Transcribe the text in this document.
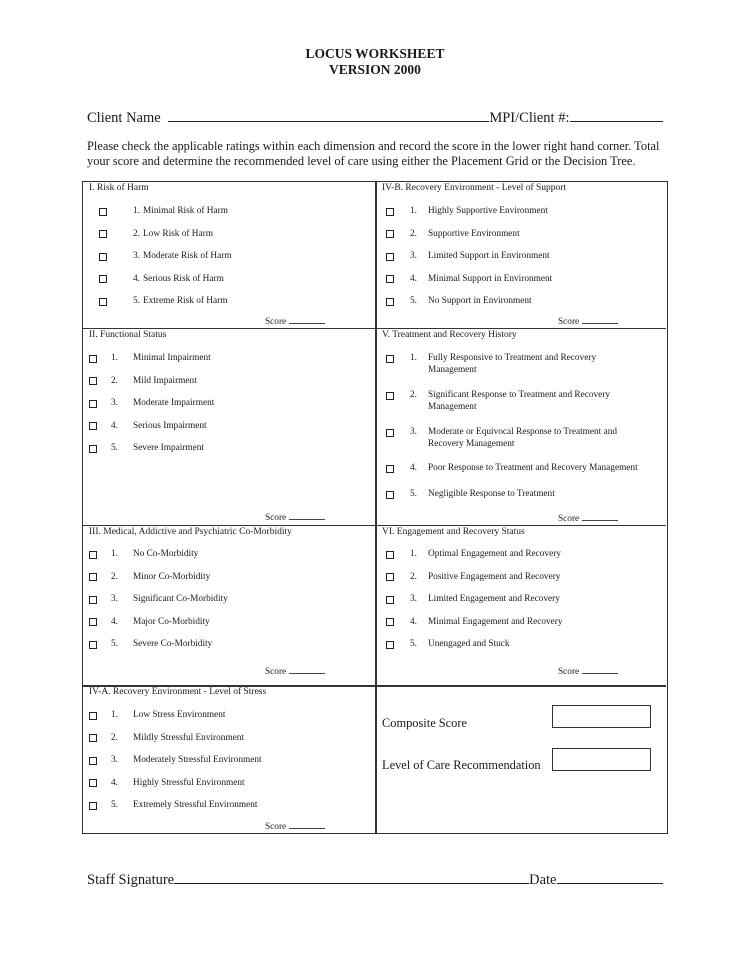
LOCUS WORKSHEET
VERSION 2000
Client Name	MPI/Client #:
Please check the applicable ratings within each dimension and record the score in the lower right hand corner. Total your score and determine the recommended level of care using either the Placement Grid or the Decision Tree.
I. Risk of Harm
1. Minimal Risk of Harm
2. Low Risk of Harm
3. Moderate Risk of Harm
4. Serious Risk of Harm
5. Extreme Risk of Harm
Score
IV-B. Recovery Environment - Level of Support
1.	Highly Supportive Environment
2.	Supportive Environment
3.	Limited Support in Environment
4.	Minimal Support in Environment
5.	No Support in Environment
Score
II. Functional Status
1.	Minimal Impairment
2.	Mild Impairment
3.	Moderate Impairment
4.	Serious Impairment
5.	Severe Impairment
Score
V. Treatment and Recovery History
1.	Fully Responsive to Treatment and Recovery
Management
2.	Significant Response to Treatment and Recovery
Management
3.	Moderate or Equivocal Response to Treatment and
Recovery Management
4.	Poor Response to Treatment and Recovery Management
5.	Negligible Response to Treatment
Score
III. Medical, Addictive and Psychiatric Co-Morbidity
1.	No Co-Morbidity
2.	Minor Co-Morbidity
3.	Significant Co-Morbidity
4.	Major Co-Morbidity
5.	Severe Co-Morbidity
Score
VI. Engagement and Recovery Status
1.	Optimal Engagement and Recovery
2.	Positive Engagement and Recovery
3.	Limited Engagement and Recovery
4.	Minimal Engagement and Recovery
5.	Unengaged and Stuck
Score
IV-A. Recovery Environment - Level of Stress
1.	Low Stress Environment
2.	Mildly Stressful Environment
3.	Moderately Stressful Environment
4.	Highly Stressful Environment
5.	Extremely Stressful Environment
Score
Composite Score
Level of Care Recommendation
Staff Signature	Date
